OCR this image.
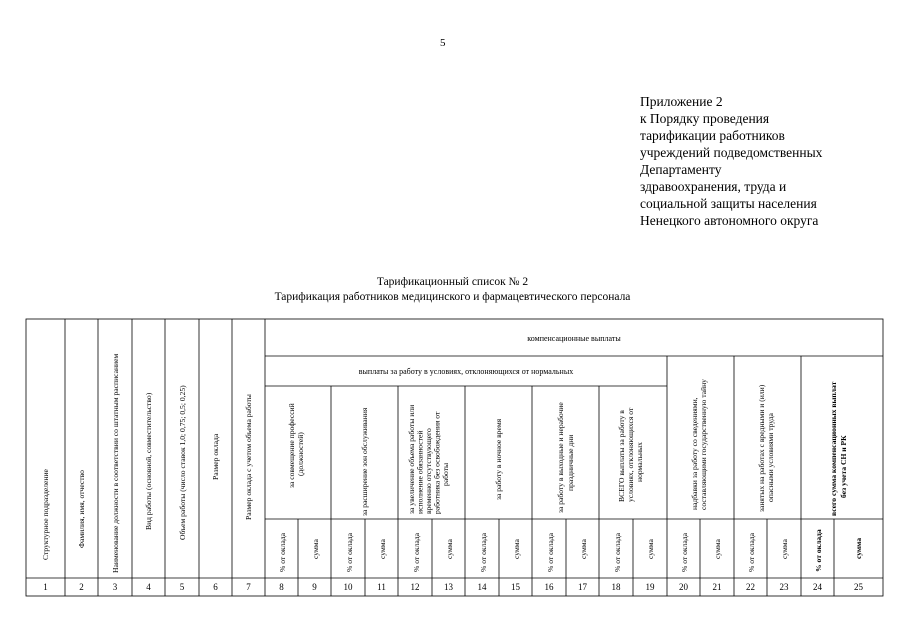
5
Приложение 2
к Порядку проведения
тарификации работников
учреждений подведомственных
Департаменту
здравоохранения, труда и
социальной защиты населения
Ненецкого автономного округа
Тарификационный список № 2
Тарификация работников медицинского и фармацевтического персонала
компенсационные выплаты
выплаты за работу в условиях, отклоняющихся от нормальных
Структурное подразделение	Фамилия, имя, отчество	Наименование должности в соответствии со штатным расписанием	Вид работы (основной, совместительство)	Объем работы (число ставок 1,0; 0,75; 0,5; 0,25)	Размер оклада	Размер оклада с учетом объема работы	за совмещение профессий (должностей)	за расширение зон обслуживания	за увеличение объема работы или исполнение обязанностей временно отсутствующего работника без освобождения от работы	за работу в ночное время	за работу в выходные и нерабочие праздничные дни	ВСЕГО выплаты за работу в условиях, отклоняющихся от нормальных	надбавки за работу со сведениями, составляющими государственную тайну	занятых на работах с вредными и (или) опасными условиями труда	всего сумма компенсационных выплат без учета СН и РК
% от оклада	сумма	% от оклада	сумма	% от оклада	сумма	% от оклада	сумма	% от оклада	сумма	% от оклада	сумма	% от оклада	сумма	% от оклада	сумма	% от оклада	сумма
1	2	3	4	5	6	7	8	9	10	11	12	13	14	15	16	17	18	19	20	21	22	23	24	25
